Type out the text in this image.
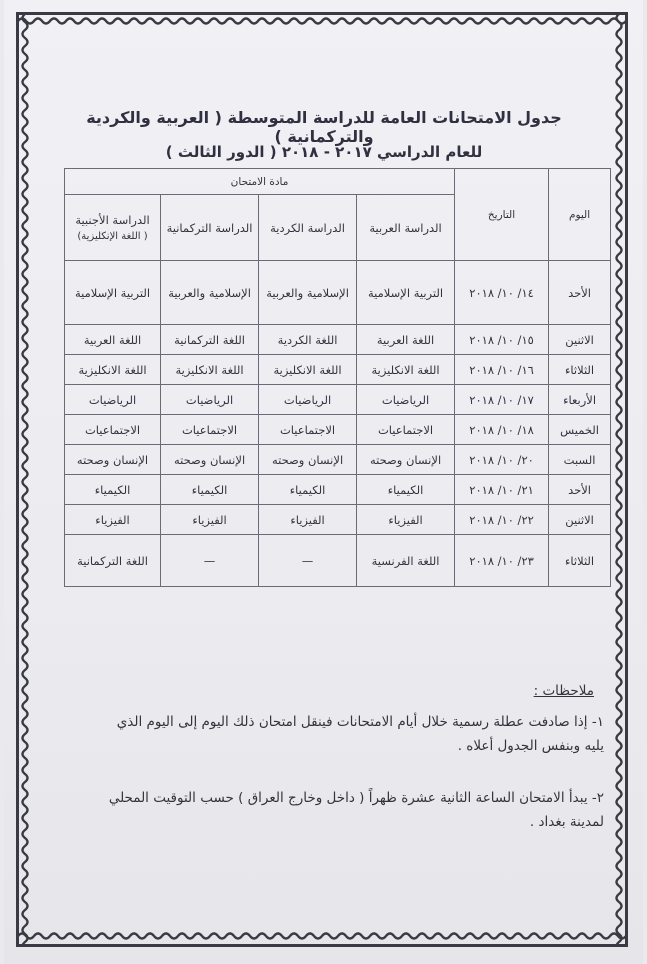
جدول الامتحانات العامة للدراسة المتوسطة ( العربية والكردية والتركمانية )
للعام الدراسي ٢٠١٧ - ٢٠١٨ ( الدور الثالث )
اليوم	التاريخ	مادة الامتحان			
		الدراسة العربية	الدراسة الكردية	الدراسة التركمانية	الدراسة الأجنبية
( اللغة الإنكليزية)

الأحد	١٤/ ١٠/ ٢٠١٨	التربية الإسلامية	الإسلامية والعربية	الإسلامية والعربية	التربية الإسلامية
الاثنين	١٥/ ١٠/ ٢٠١٨	اللغة العربية	اللغة الكردية	اللغة التركمانية	اللغة العربية
الثلاثاء	١٦/ ١٠/ ٢٠١٨	اللغة الانكليزية	اللغة الانكليزية	اللغة الانكليزية	اللغة الانكليزية
الأربعاء	١٧/ ١٠/ ٢٠١٨	الرياضيات	الرياضيات	الرياضيات	الرياضيات
الخميس	١٨/ ١٠/ ٢٠١٨	الاجتماعيات	الاجتماعيات	الاجتماعيات	الاجتماعيات
السبت	٢٠/ ١٠/ ٢٠١٨	الإنسان وصحته	الإنسان وصحته	الإنسان وصحته	الإنسان وصحته
الأحد	٢١/ ١٠/ ٢٠١٨	الكيمياء	الكيمياء	الكيمياء	الكيمياء
الاثنين	٢٢/ ١٠/ ٢٠١٨	الفيزياء	الفيزياء	الفيزياء	الفيزياء
الثلاثاء	٢٣/ ١٠/ ٢٠١٨	اللغة الفرنسية	—	—	اللغة التركمانية
ملاحظات :
١- إذا صادفت عطلة رسمية خلال أيام الامتحانات فينقل امتحان ذلك اليوم إلى اليوم الذي
يليه وبنفس الجدول أعلاه .
٢- يبدأ الامتحان الساعة الثانية عشرة ظهراً ( داخل وخارج العراق ) حسب التوقيت المحلي
لمدينة بغداد .
